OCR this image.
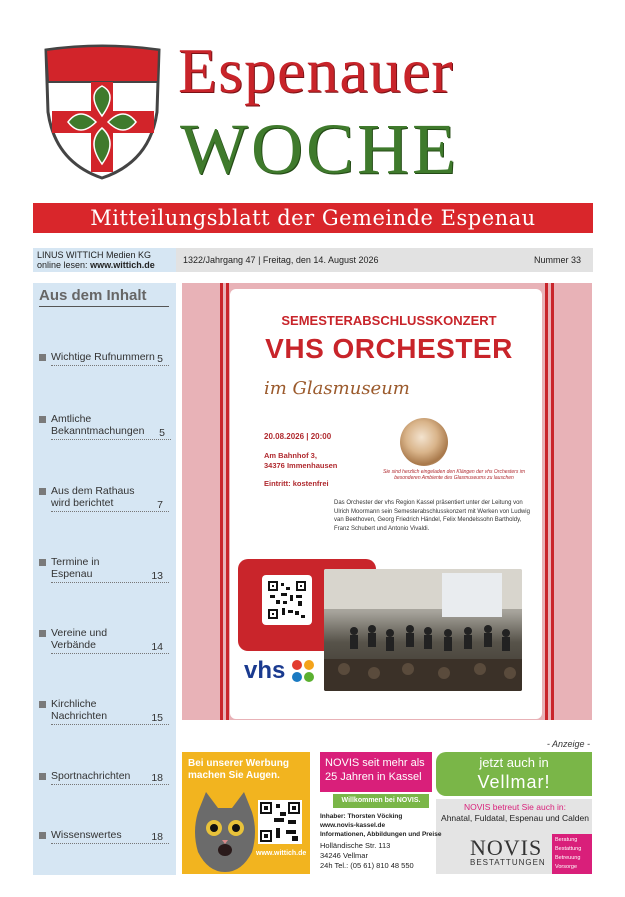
Espenauer
WOCHE
Mitteilungsblatt der Gemeinde Espenau
LINUS WITTICH Medien KG
online lesen: www.wittich.de	1322/Jahrgang 47 | Freitag, den 14. August 2026	Nummer 33
Aus dem Inhalt
Wichtige Rufnummern 5
Amtliche Bekanntmachungen 5
Aus dem Rathaus wird berichtet	7
Termine in Espenau	13
Vereine und Verbände	14
Kirchliche Nachrichten	15
Sportnachrichten 18
Wissenswertes	18
SEMESTERABSCHLUSSKONZERT
VHS ORCHESTER
im Glasmuseum
20.08.2026 | 20:00
Am Bahnhof 3,
34376 Immenhausen
Eintritt: kostenfrei
Sie sind herzlich eingeladen den Klängen der vhs Orchesters im besonderen Ambiente des Glasmuseums zu lauschen
Das Orchester der vhs Region Kassel präsentiert unter der Leitung von Ulrich Moormann sein Semesterabschlusskonzert mit Werken von Ludwig van Beethoven, Georg Friedrich Händel, Felix Mendelssohn Bartholdy, Franz Schubert und Antonio Vivaldi.
vhs
- Anzeige -
Bei unserer Werbung
machen Sie Augen.
www.wittich.de
NOVIS seit mehr als
25 Jahren in Kassel
Willkommen bei NOVIS.
jetzt auch in
Vellmar!
NOVIS betreut Sie auch in:
Ahnatal, Fuldatal, Espenau und Calden
Inhaber: Thorsten Vöcking
www.novis-kassel.de
Informationen, Abbildungen und Preise
Holländische Str. 113
34246 Vellmar
24h Tel.: (05 61) 810 48 550
NOVIS
BESTATTUNGEN
Beratung
Bestattung
Betreuung
Vorsorge
